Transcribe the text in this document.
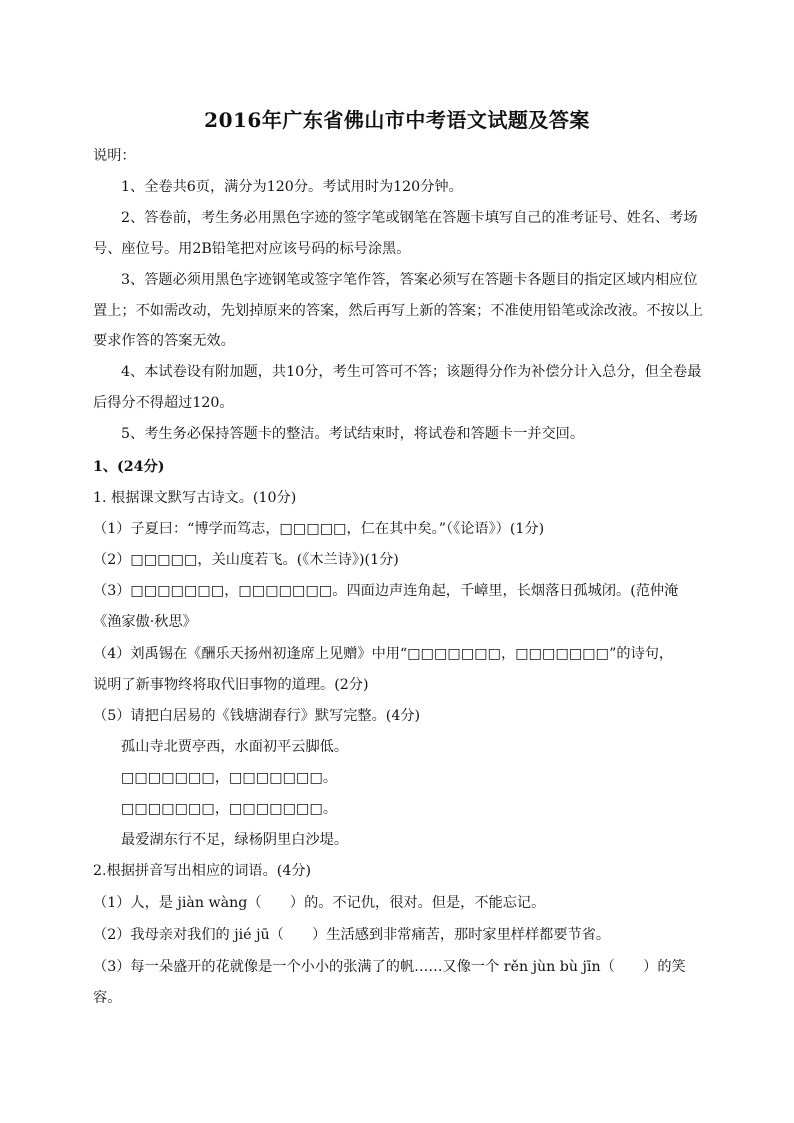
2016年广东省佛山市中考语文试题及答案
说明：
1、全卷共6页，满分为120分。考试用时为120分钟。
2、答卷前，考生务必用黑色字迹的签字笔或钢笔在答题卡填写自己的准考证号、姓名、考场
号、座位号。用2B铅笔把对应该号码的标号涂黑。
3、答题必须用黑色字迹钢笔或签字笔作答，答案必须写在答题卡各题目的指定区域内相应位
置上；不如需改动，先划掉原来的答案，然后再写上新的答案；不准使用铅笔或涂改液。不按以上
要求作答的答案无效。
4、本试卷设有附加题，共10分，考生可答可不答；该题得分作为补偿分计入总分，但全卷最
后得分不得超过120。
5、考生务必保持答题卡的整洁。考试结束时，将试卷和答题卡一并交回。
1、(24分)
1. 根据课文默写古诗文。(10分)
（1）子夏曰：“博学而笃志，□□□□□，仁在其中矣。”（《论语》）(1分)
（2）□□□□□，关山度若飞。(《木兰诗》)(1分)
（3）□□□□□□□，□□□□□□□。四面边声连角起，千嶂里，长烟落日孤城闭。(范仲淹
《渔家傲·秋思》
（4）刘禹锡在《酬乐天扬州初逢席上见赠》中用“□□□□□□□，□□□□□□□”的诗句，
说明了新事物终将取代旧事物的道理。(2分)
（5）请把白居易的《钱塘湖春行》默写完整。(4分)
孤山寺北贾亭西，水面初平云脚低。
□□□□□□□，□□□□□□□。
□□□□□□□，□□□□□□□。
最爱湖东行不足，绿杨阴里白沙堤。
2.根据拼音写出相应的词语。(4分)
（1）人，是 jiàn wàng（　　）的。不记仇，很对。但是，不能忘记。
（2）我母亲对我们的 jié jū（　　）生活感到非常痛苦，那时家里样样都要节省。
（3）每一朵盛开的花就像是一个小小的张满了的帆……又像一个 rěn jùn bù jīn（　　）的笑
容。
